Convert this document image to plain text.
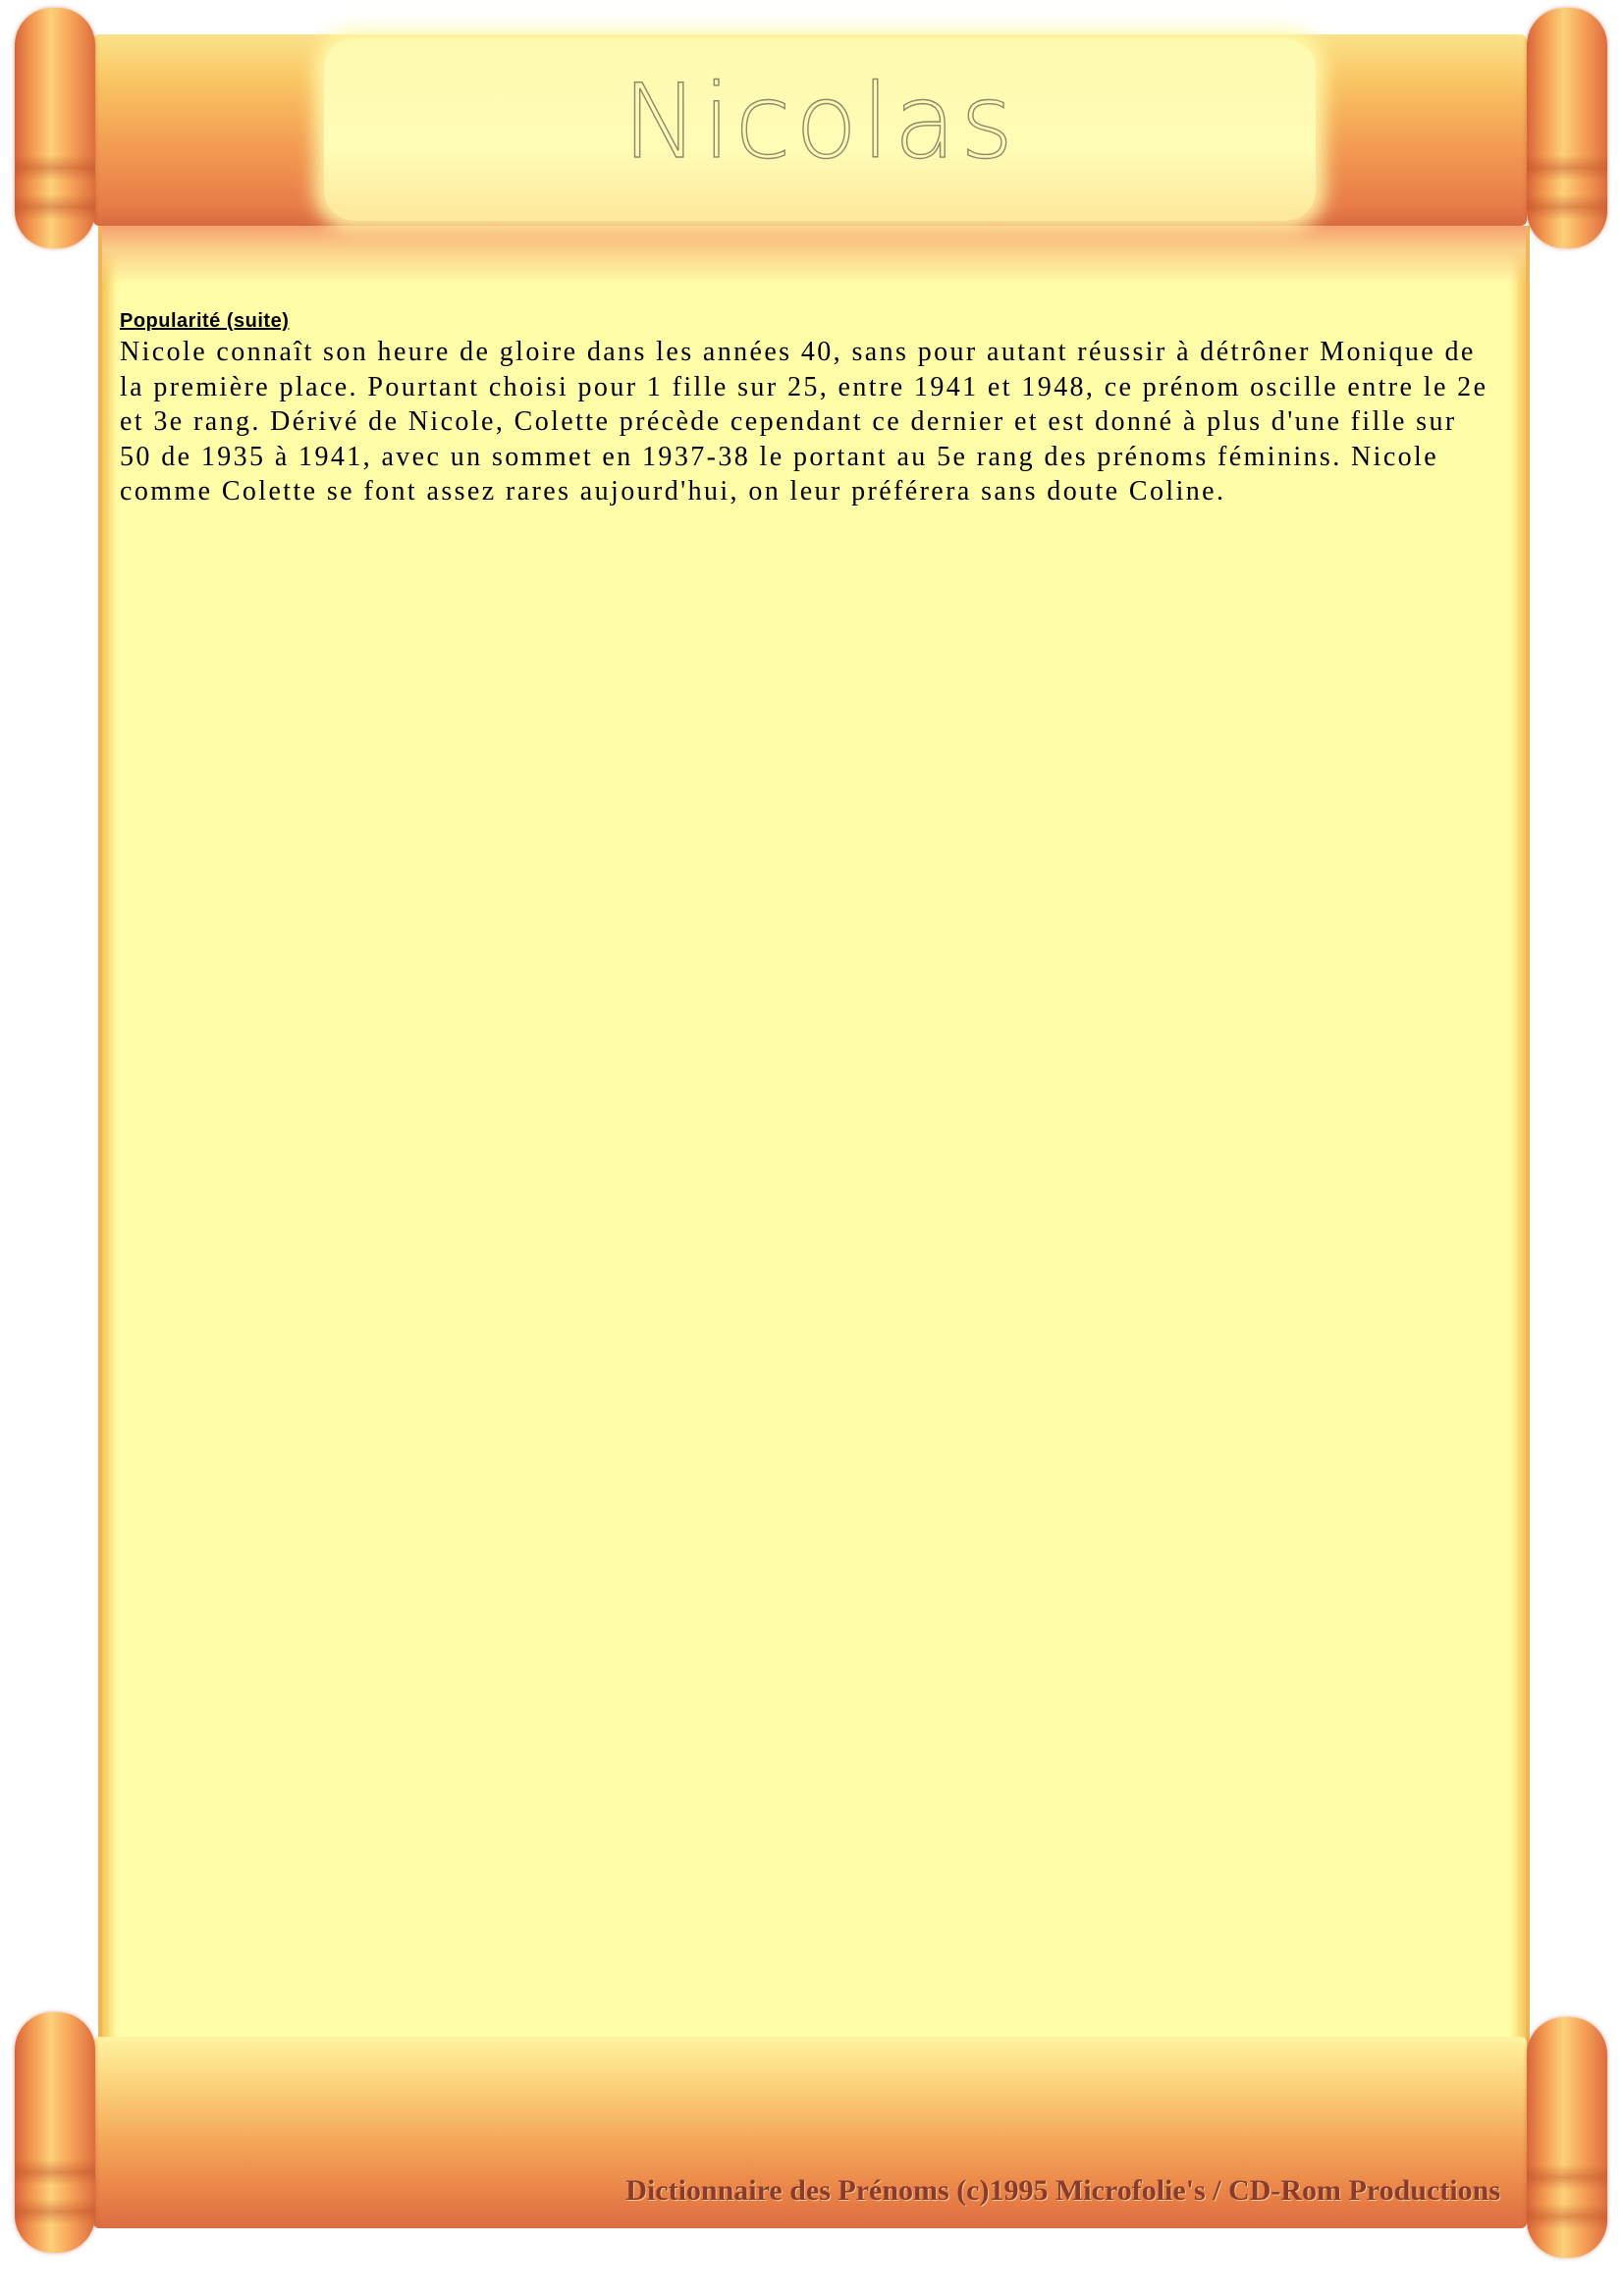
Nicolas
Popularité (suite)

Nicole connaît son heure de gloire dans les années 40, sans pour autant réussir à détrôner Monique de la première place. Pourtant choisi pour 1 fille sur 25, entre 1941 et 1948, ce prénom oscille entre le 2e et 3e rang. Dérivé de Nicole, Colette précède cependant ce dernier et est donné à plus d'une fille sur 50 de 1935 à 1941, avec un sommet en 1937-38 le portant au 5e rang des prénoms féminins. Nicole comme Colette se font assez rares aujourd'hui, on leur préférera sans doute Coline.

Dictionnaire des Prénoms (c)1995 Microfolie's / CD-Rom Productions
